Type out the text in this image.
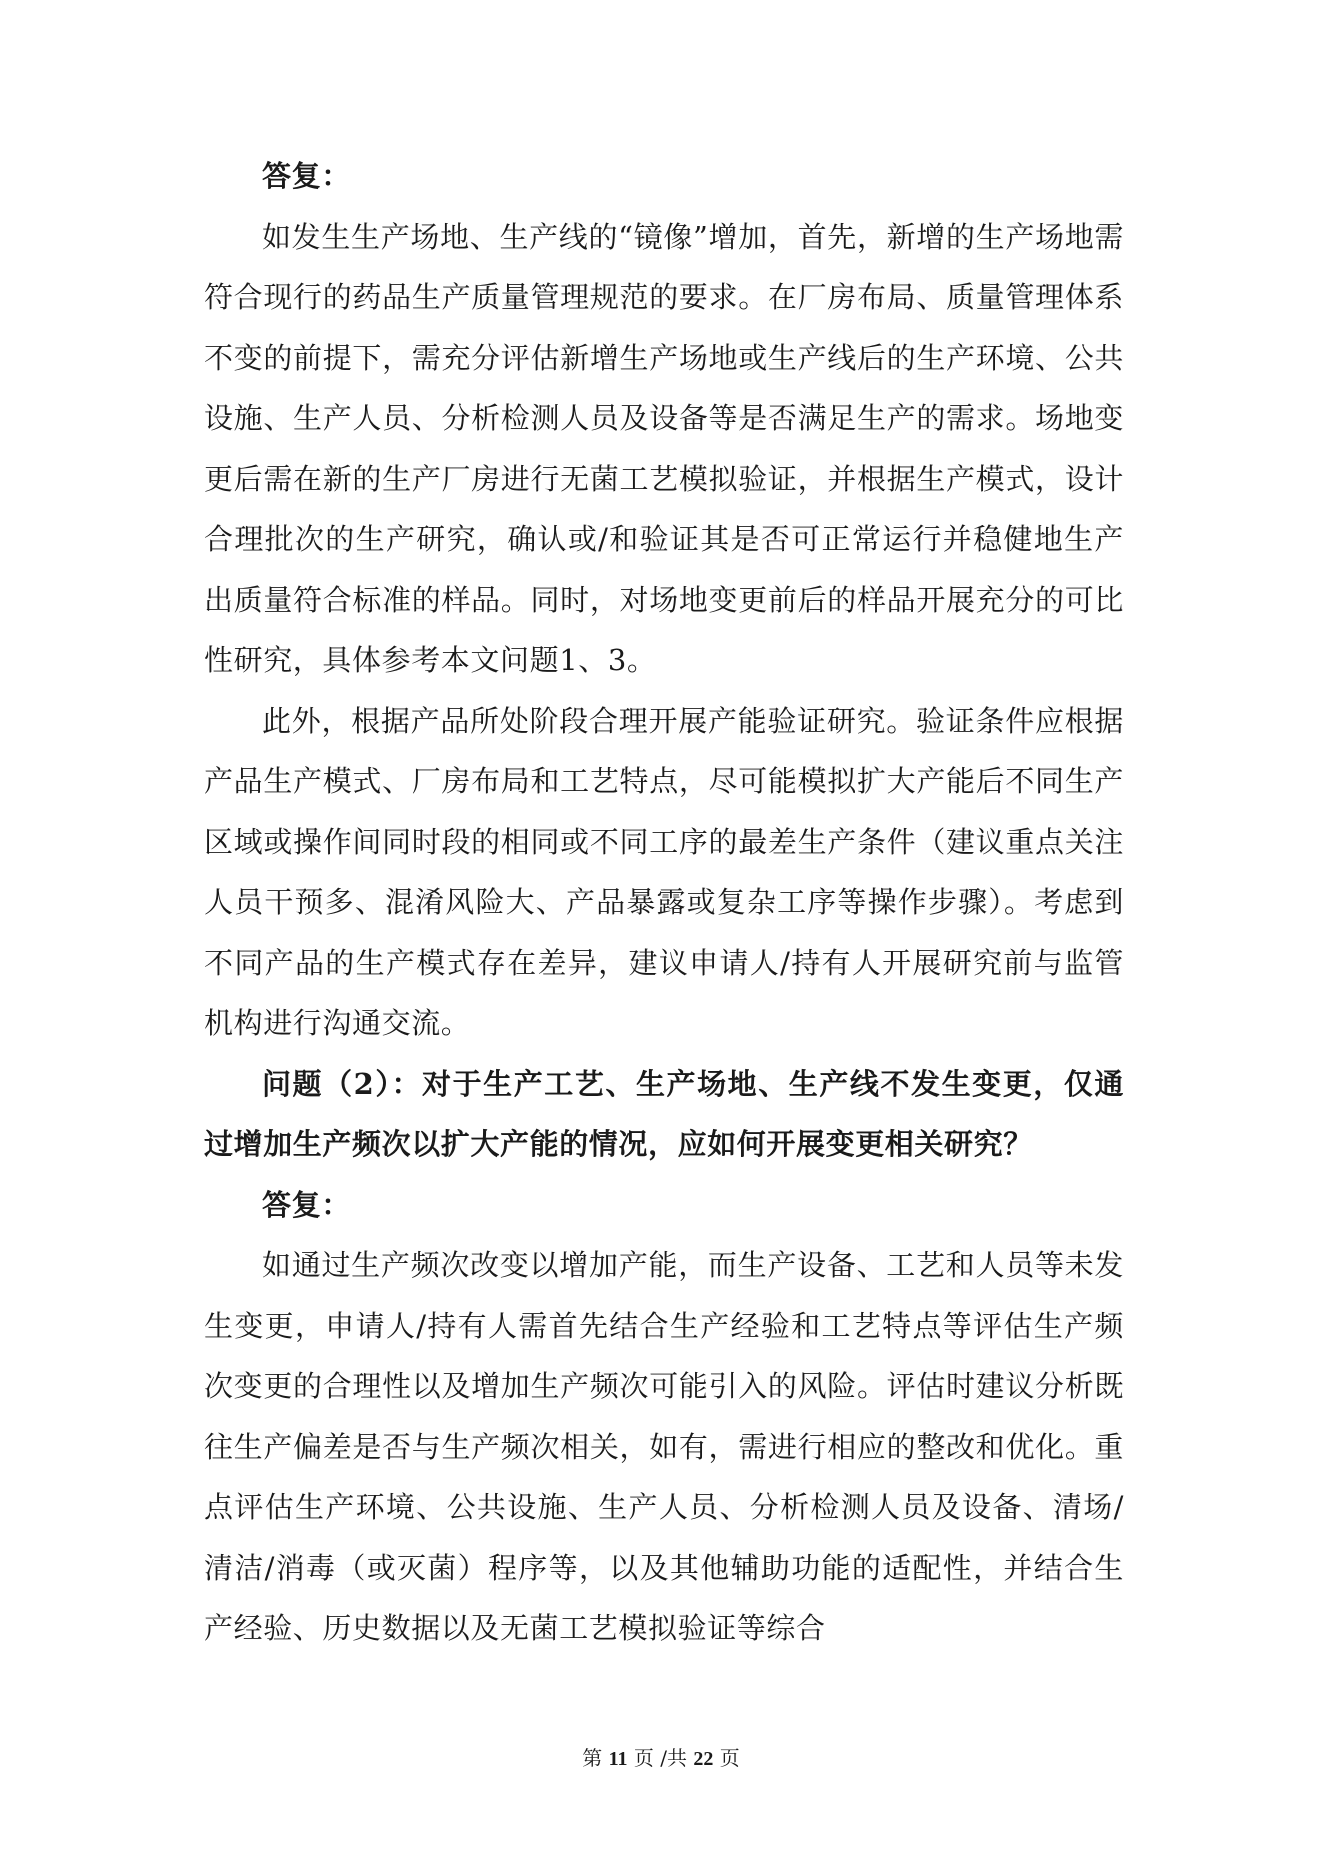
答复：

如发生生产场地、生产线的“镜像”增加，首先，新增的生产场地需符合现行的药品生产质量管理规范的要求。在厂房布局、质量管理体系不变的前提下，需充分评估新增生产场地或生产线后的生产环境、公共设施、生产人员、分析检测人员及设备等是否满足生产的需求。场地变更后需在新的生产厂房进行无菌工艺模拟验证，并根据生产模式，设计合理批次的生产研究，确认或/和验证其是否可正常运行并稳健地生产出质量符合标准的样品。同时，对场地变更前后的样品开展充分的可比性研究，具体参考本文问题1、3。

此外，根据产品所处阶段合理开展产能验证研究。验证条件应根据产品生产模式、厂房布局和工艺特点，尽可能模拟扩大产能后不同生产区域或操作间同时段的相同或不同工序的最差生产条件（建议重点关注人员干预多、混淆风险大、产品暴露或复杂工序等操作步骤）。考虑到不同产品的生产模式存在差异，建议申请人/持有人开展研究前与监管机构进行沟通交流。

问题（2）：对于生产工艺、生产场地、生产线不发生变更，仅通过增加生产频次以扩大产能的情况，应如何开展变更相关研究？

答复：

如通过生产频次改变以增加产能，而生产设备、工艺和人员等未发生变更，申请人/持有人需首先结合生产经验和工艺特点等评估生产频次变更的合理性以及增加生产频次可能引入的风险。评估时建议分析既往生产偏差是否与生产频次相关，如有，需进行相应的整改和优化。重点评估生产环境、公共设施、生产人员、分析检测人员及设备、清场/清洁/消毒（或灭菌）程序等，以及其他辅助功能的适配性，并结合生产经验、历史数据以及无菌工艺模拟验证等综合

第 11 页 /共 22 页
